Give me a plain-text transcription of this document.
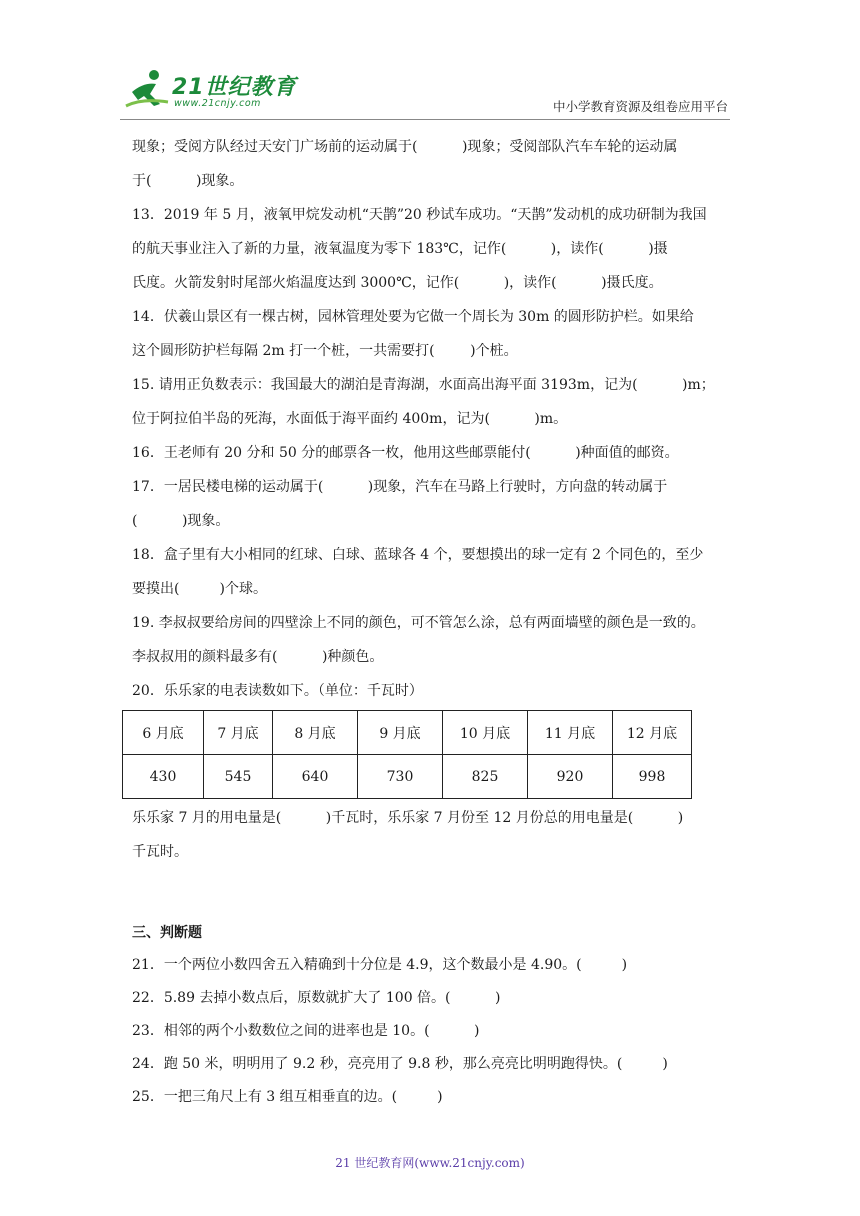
21世纪教育
www.21cnjy.com	中小学教育资源及组卷应用平台
现象；受阅方队经过天安门广场前的运动属于(          )现象；受阅部队汽车车轮的运动属
于(          )现象。
13．2019 年 5 月，液氧甲烷发动机“天鹊”20 秒试车成功。“天鹊”发动机的成功研制为我国
的航天事业注入了新的力量，液氧温度为零下 183℃，记作(          )，读作(          )摄
氏度。火箭发射时尾部火焰温度达到 3000℃，记作(          )，读作(          )摄氏度。
14．伏羲山景区有一棵古树，园林管理处要为它做一个周长为 30m 的圆形防护栏。如果给
这个圆形防护栏每隔 2m 打一个桩，一共需要打(        )个桩。
15. 请用正负数表示：我国最大的湖泊是青海湖，水面高出海平面 3193m，记为(          )m；
位于阿拉伯半岛的死海，水面低于海平面约 400m，记为(          )m。
16．王老师有 20 分和 50 分的邮票各一枚，他用这些邮票能付(          )种面值的邮资。
17．一居民楼电梯的运动属于(          )现象，汽车在马路上行驶时，方向盘的转动属于
(          )现象。
18．盒子里有大小相同的红球、白球、蓝球各 4 个，要想摸出的球一定有 2 个同色的，至少
要摸出(         )个球。
19. 李叔叔要给房间的四壁涂上不同的颜色，可不管怎么涂，总有两面墙壁的颜色是一致的。
李叔叔用的颜料最多有(          )种颜色。
20．乐乐家的电表读数如下。（单位：千瓦时）
6 月底	7 月底	8 月底	9 月底	10 月底	11 月底	12 月底
430	545	640	730	825	920	998
乐乐家 7 月的用电量是(          )千瓦时，乐乐家 7 月份至 12 月份总的用电量是(          )
千瓦时。
三、判断题
21．一个两位小数四舍五入精确到十分位是 4.9，这个数最小是 4.90。(         )
22．5.89 去掉小数点后，原数就扩大了 100 倍。(          )
23．相邻的两个小数数位之间的进率也是 10。(          )
24．跑 50 米，明明用了 9.2 秒，亮亮用了 9.8 秒，那么亮亮比明明跑得快。(         )
25．一把三角尺上有 3 组互相垂直的边。(         )
21 世纪教育网(www.21cnjy.com)
